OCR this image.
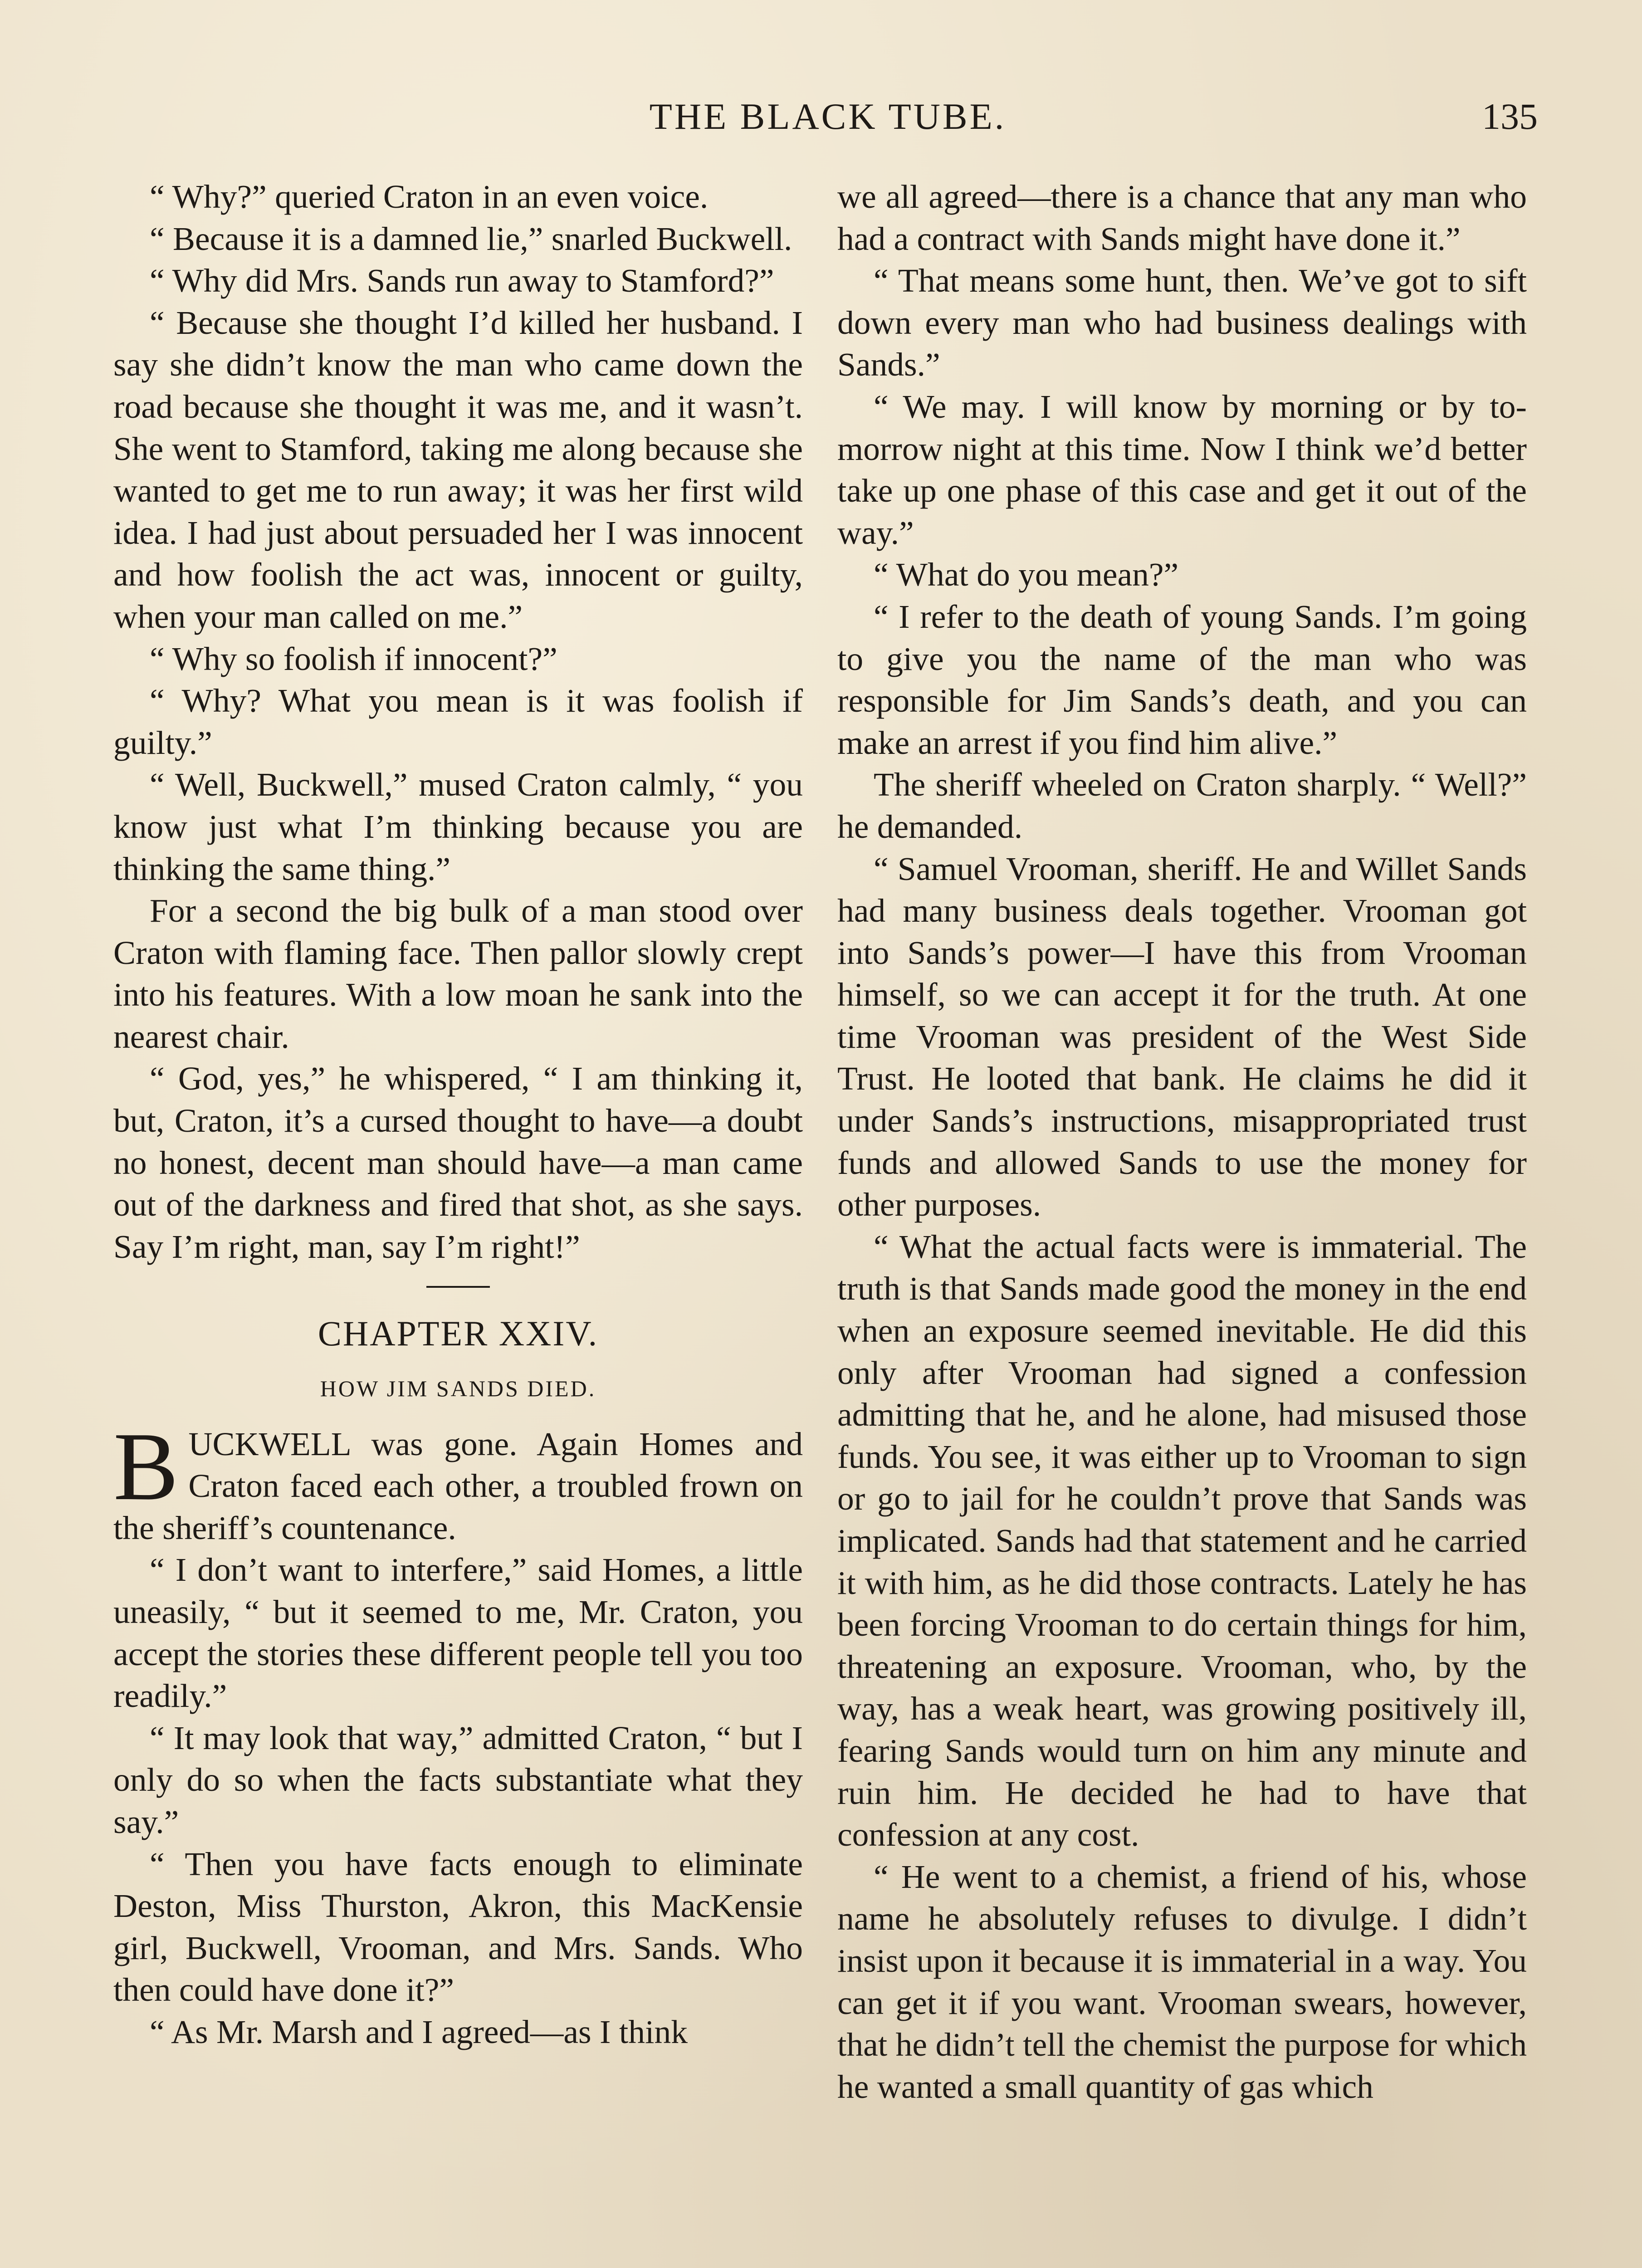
THE BLACK TUBE.	135

“ Why?” queried Craton in an even voice.

“ Because it is a damned lie,” snarled Buckwell.

“ Why did Mrs. Sands run away to Stamford?”

“ Because she thought I’d killed her husband. I say she didn’t know the man who came down the road because she thought it was me, and it wasn’t. She went to Stamford, taking me along because she wanted to get me to run away; it was her first wild idea. I had just about persuaded her I was innocent and how foolish the act was, innocent or guilty, when your man called on me.”

“ Why so foolish if innocent?”

“ Why? What you mean is it was foolish if guilty.”

“ Well, Buckwell,” mused Craton calmly, “ you know just what I’m thinking because you are thinking the same thing.”

For a second the big bulk of a man stood over Craton with flaming face. Then pallor slowly crept into his features. With a low moan he sank into the nearest chair.

“ God, yes,” he whispered, “ I am thinking it, but, Craton, it’s a cursed thought to have—a doubt no honest, decent man should have—a man came out of the darkness and fired that shot, as she says. Say I’m right, man, say I’m right!”

CHAPTER XXIV.
HOW JIM SANDS DIED.

BUCKWELL was gone. Again Homes and Craton faced each other, a troubled frown on the sheriff’s countenance.

“ I don’t want to interfere,” said Homes, a little uneasily, “ but it seemed to me, Mr. Craton, you accept the stories these different people tell you too readily.”

“ It may look that way,” admitted Craton, “ but I only do so when the facts substantiate what they say.”

“ Then you have facts enough to eliminate Deston, Miss Thurston, Akron, this MacKensie girl, Buckwell, Vrooman, and Mrs. Sands. Who then could have done it?”

“ As Mr. Marsh and I agreed—as I think

we all agreed—there is a chance that any man who had a contract with Sands might have done it.”

“ That means some hunt, then. We’ve got to sift down every man who had business dealings with Sands.”

“ We may. I will know by morning or by to-morrow night at this time. Now I think we’d better take up one phase of this case and get it out of the way.”

“ What do you mean?”

“ I refer to the death of young Sands. I’m going to give you the name of the man who was responsible for Jim Sands’s death, and you can make an arrest if you find him alive.”

The sheriff wheeled on Craton sharply. “ Well?” he demanded.

“ Samuel Vrooman, sheriff. He and Willet Sands had many business deals together. Vrooman got into Sands’s power—I have this from Vrooman himself, so we can accept it for the truth. At one time Vrooman was president of the West Side Trust. He looted that bank. He claims he did it under Sands’s instructions, misappropriated trust funds and allowed Sands to use the money for other purposes.

“ What the actual facts were is immaterial. The truth is that Sands made good the money in the end when an exposure seemed inevitable. He did this only after Vrooman had signed a confession admitting that he, and he alone, had misused those funds. You see, it was either up to Vrooman to sign or go to jail for he couldn’t prove that Sands was implicated. Sands had that statement and he carried it with him, as he did those contracts. Lately he has been forcing Vrooman to do certain things for him, threatening an exposure. Vrooman, who, by the way, has a weak heart, was growing positively ill, fearing Sands would turn on him any minute and ruin him. He decided he had to have that confession at any cost.

“ He went to a chemist, a friend of his, whose name he absolutely refuses to divulge. I didn’t insist upon it because it is immaterial in a way. You can get it if you want. Vrooman swears, however, that he didn’t tell the chemist the purpose for which he wanted a small quantity of gas which
